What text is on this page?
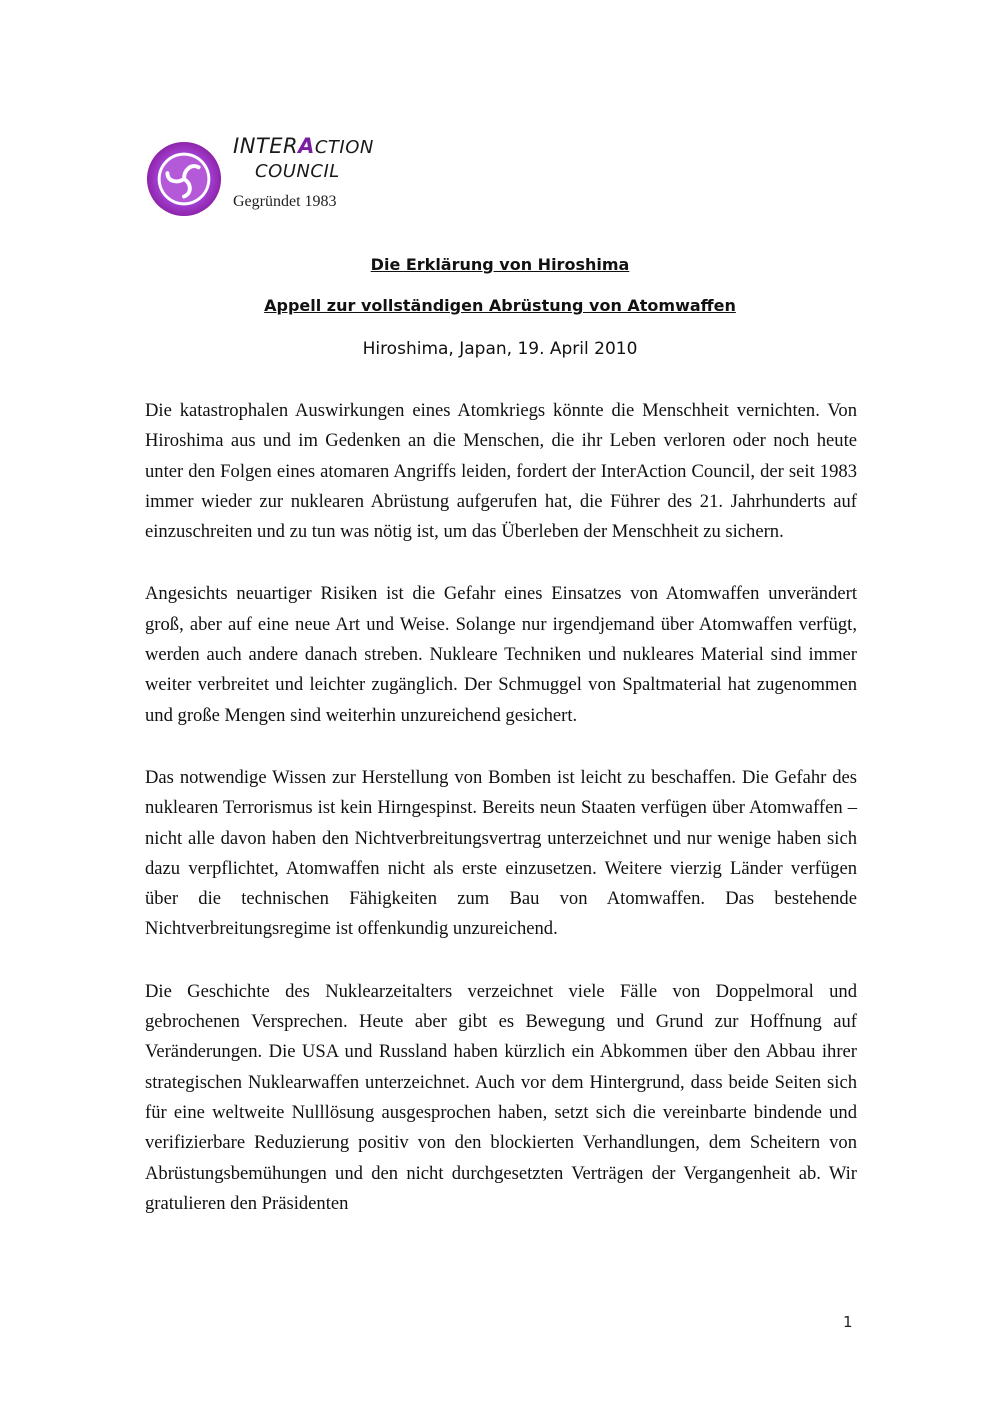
INTERACTION
COUNCIL
Gegründet 1983
Die Erklärung von Hiroshima
Appell zur vollständigen Abrüstung von Atomwaffen
Hiroshima, Japan, 19. April 2010

Die katastrophalen Auswirkungen eines Atomkriegs könnte die Menschheit vernichten. Von Hiroshima aus und im Gedenken an die Menschen, die ihr Leben verloren oder noch heute unter den Folgen eines atomaren Angriffs leiden, fordert der InterAction Council, der seit 1983 immer wieder zur nuklearen Abrüstung aufgerufen hat, die Führer des 21. Jahrhunderts auf einzuschreiten und zu tun was nötig ist, um das Überleben der Menschheit zu sichern.

Angesichts neuartiger Risiken ist die Gefahr eines Einsatzes von Atomwaffen unverändert groß, aber auf eine neue Art und Weise. Solange nur irgendjemand über Atomwaffen verfügt, werden auch andere danach streben. Nukleare Techniken und nukleares Material sind immer weiter verbreitet und leichter zugänglich. Der Schmuggel von Spaltmaterial hat zugenommen und große Mengen sind weiterhin unzureichend gesichert.

Das notwendige Wissen zur Herstellung von Bomben ist leicht zu beschaffen. Die Gefahr des nuklearen Terrorismus ist kein Hirngespinst. Bereits neun Staaten verfügen über Atomwaffen – nicht alle davon haben den Nichtverbreitungsvertrag unterzeichnet und nur wenige haben sich dazu verpflichtet, Atomwaffen nicht als erste einzusetzen. Weitere vierzig Länder verfügen über die technischen Fähigkeiten zum Bau von Atomwaffen. Das bestehende Nichtverbreitungsregime ist offenkundig unzureichend.

Die Geschichte des Nuklearzeitalters verzeichnet viele Fälle von Doppelmoral und gebrochenen Versprechen. Heute aber gibt es Bewegung und Grund zur Hoffnung auf Veränderungen. Die USA und Russland haben kürzlich ein Abkommen über den Abbau ihrer strategischen Nuklearwaffen unterzeichnet. Auch vor dem Hintergrund, dass beide Seiten sich für eine weltweite Nulllösung ausgesprochen haben, setzt sich die vereinbarte bindende und verifizierbare Reduzierung positiv von den blockierten Verhandlungen, dem Scheitern von Abrüstungsbemühungen und den nicht durchgesetzten Verträgen der Vergangenheit ab. Wir gratulieren den Präsidenten

1
